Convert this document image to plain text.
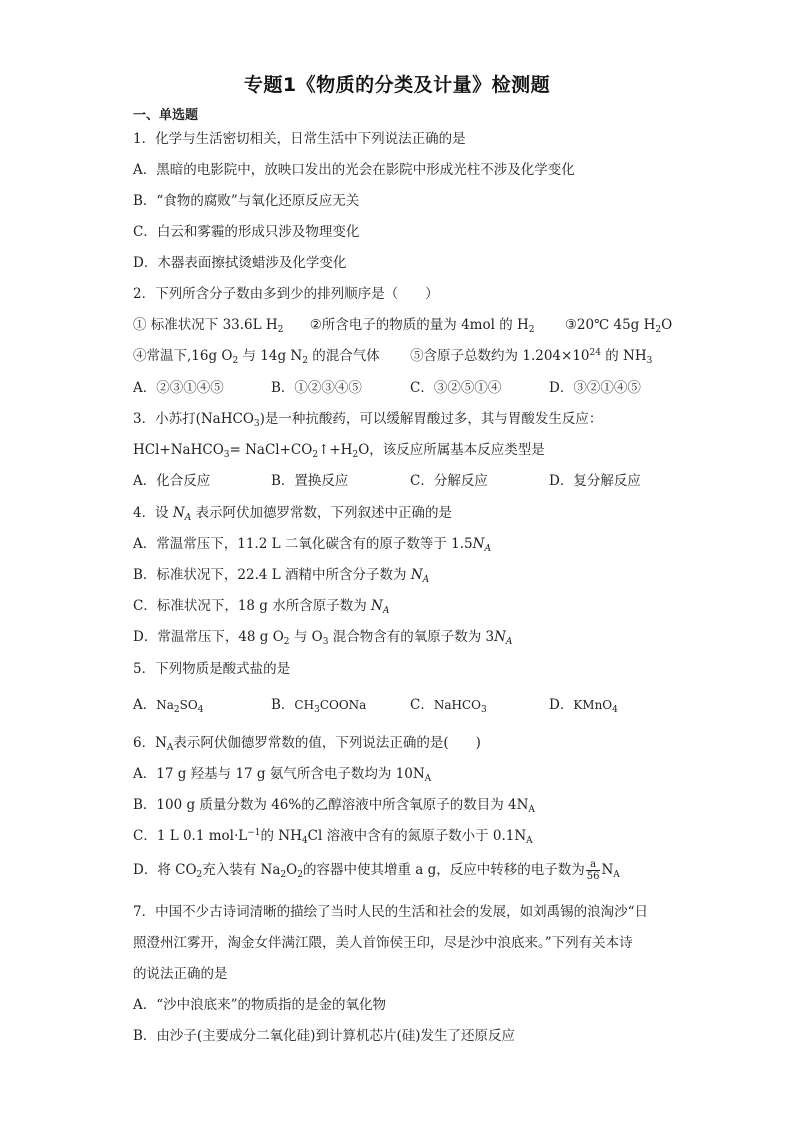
专题1《物质的分类及计量》检测题
一、单选题
1．化学与生活密切相关，日常生活中下列说法正确的是
A．黑暗的电影院中，放映口发出的光会在影院中形成光柱不涉及化学变化
B．“食物的腐败”与氧化还原反应无关
C．白云和雾霾的形成只涉及物理变化
D．木器表面擦拭烫蜡涉及化学变化
2．下列所含分子数由多到少的排列顺序是（　　）
① 标准状况下 33.6L $H_2$ ②所含电子的物质的量为 4mol 的 $H_2$ ③20℃ 45g $H_2O$
④常温下,16g $O_2$ 与 14g $N_2$ 的混合气体 ⑤含原子总数约为 $1.204\times 10^{24}$ 的 $NH_3$
A．②③①④⑤	B．①②③④⑤	C．③②⑤①④	D．③②①④⑤
3．小苏打(NaHCO$_3$)是一种抗酸药，可以缓解胃酸过多，其与胃酸发生反应：
HCl+NaHCO$_3$= $NaCl+CO_2↑+H_2O$，该反应所属基本反应类型是
A．化合反应	B．置换反应	C．分解反应	D．复分解反应
4．设 $N_A$ 表示阿伏加德罗常数，下列叙述中正确的是
A．常温常压下，11.2 L 二氧化碳含有的原子数等于 $1.5N_A$
B．标准状况下，22.4 L 酒精中所含分子数为 $N_A$
C．标准状况下，18 g 水所含原子数为 $N_A$
D．常温常压下，48 g $O_2$ 与 $O_3$ 混合物含有的氧原子数为 $3N_A$
5．下列物质是酸式盐的是
A．$Na_2SO_4$	B．$CH_3COONa$	C．NaHCO$_3$	D．KMnO$_4$
6．$N_A$表示阿伏伽德罗常数的值，下列说法正确的是(　　)
A．17 g 羟基与 17 g 氨气所含电子数均为 $10N_A$
B．100 g 质量分数为 46%的乙醇溶液中所含氧原子的数目为 $4N_A$
C．1 L 0.1 $mol\cdot L^{-1}$的 $NH_4Cl$ 溶液中含有的氮原子数小于 $0.1N_A$
D．将 $CO_2$充入装有 $Na_2O_2$的容器中使其增重 a g，反应中转移的电子数为 $\frac{a}{56} N_A$
7．中国不少古诗词清晰的描绘了当时人民的生活和社会的发展，如刘禹锡的浪淘沙“日
照澄州江雾开，淘金女伴满江隈，美人首饰侯王印，尽是沙中浪底来。”下列有关本诗
的说法正确的是
A．“沙中浪底来”的物质指的是金的氧化物
B．由沙子(主要成分二氧化硅)到计算机芯片(硅)发生了还原反应
